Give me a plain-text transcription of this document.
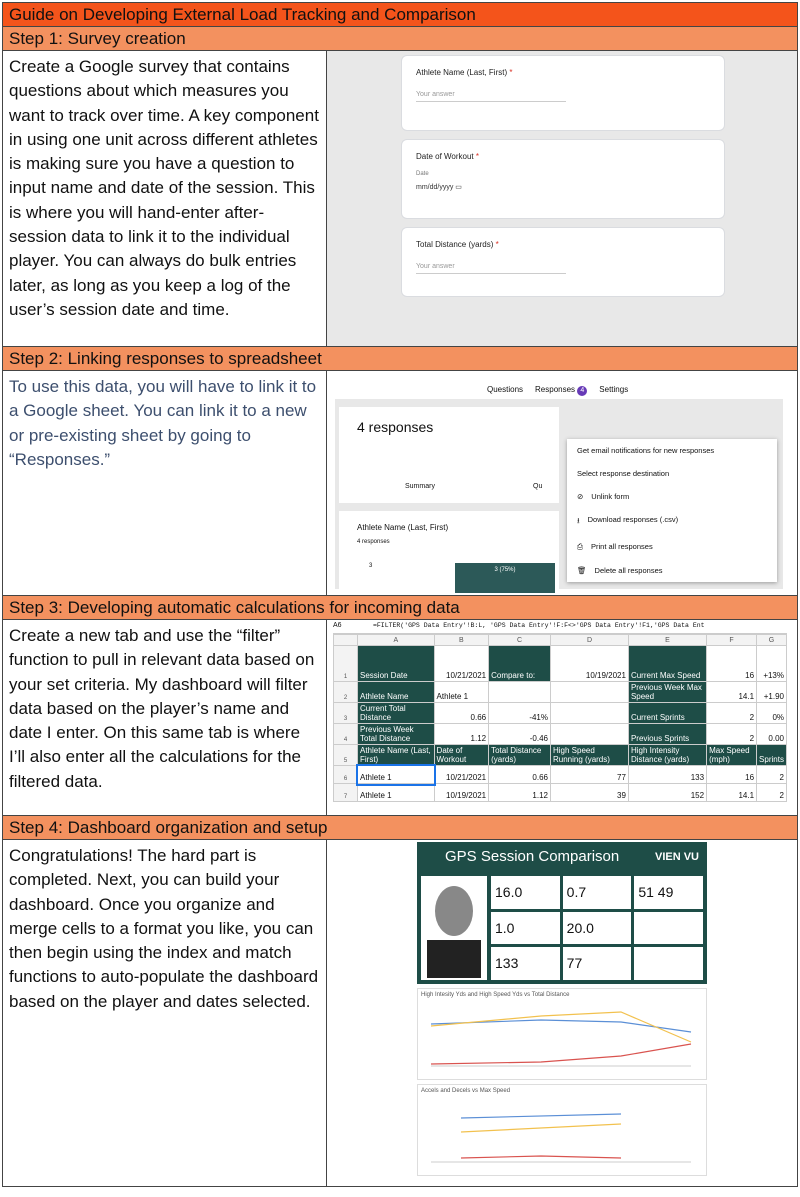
Guide on Developing External Load Tracking and Comparison
Step 1: Survey creation
Create a Google survey that contains questions about which measures you want to track over time. A key component in using one unit across different athletes is making sure you have a question to input name and date of the session. This is where you will hand-enter after-session data to link it to the individual player. You can always do bulk entries later, as long as you keep a log of the user’s session date and time.
Athlete Name (Last, First) *
Your answer
Date of Workout *
Date
mm/dd/yyyy ▭
Total Distance (yards) *
Your answer
Step 2: Linking responses to spreadsheet
To use this data, you will have to link it to a Google sheet. You can link it to a new or pre-existing sheet by going to “Responses.”
Questions Responses 4	Settings
4 responses
Summary	Qu
Athlete Name (Last, First)
4 responses
3
3 (75%)
Get email notifications for new responses
Select response destination
⊘ Unlink form
⭳ Download responses (.csv)
⎙ Print all responses
🗑 Delete all responses
Step 3: Developing automatic calculations for incoming data
Create a new tab and use the “filter” function to pull in relevant data based on your set criteria. My dashboard will filter data based on the player’s name and date I enter. On this same tab is where I’ll also enter all the calculations for the filtered data.
A6	=FILTER('GPS Data Entry'!B:L, 'GPS Data Entry'!F:F<>'GPS Data Entry'!F1,'GPS Data Ent
	A	B	C	D	E	F	G
1	Session Date	10/21/2021	Compare to:	10/19/2021	Current Max Speed	16	+13%
2	Athlete Name	Athlete 1			Previous Week Max Speed	14.1	+1.90
3	Current Total Distance	0.66	-41%		Current Sprints	2	0%
4	Previous Week Total Distance	1.12	-0.46		Previous Sprints	2	0.00
5	Athlete Name (Last, First)	Date of Workout	Total Distance (yards)	High Speed Running (yards)	High Intensity Distance (yards)	Max Speed (mph)	Sprints
6	Athlete 1	10/21/2021	0.66	77	133	16	2
7	Athlete 1	10/19/2021	1.12	39	152	14.1	2
Step 4: Dashboard organization and setup
Congratulations! The hard part is completed. Next, you can build your dashboard. Once you organize and merge cells to a format you like, you can then begin using the index and match functions to auto-populate the dashboard based on the player and dates selected.
GPS Session Comparison	VIEN VU
16.0	0.7	51 49
1.0	20.0
133	77
High Intesity Yds and High Speed Yds vs Total Distance
Accels and Decels vs Max Speed
